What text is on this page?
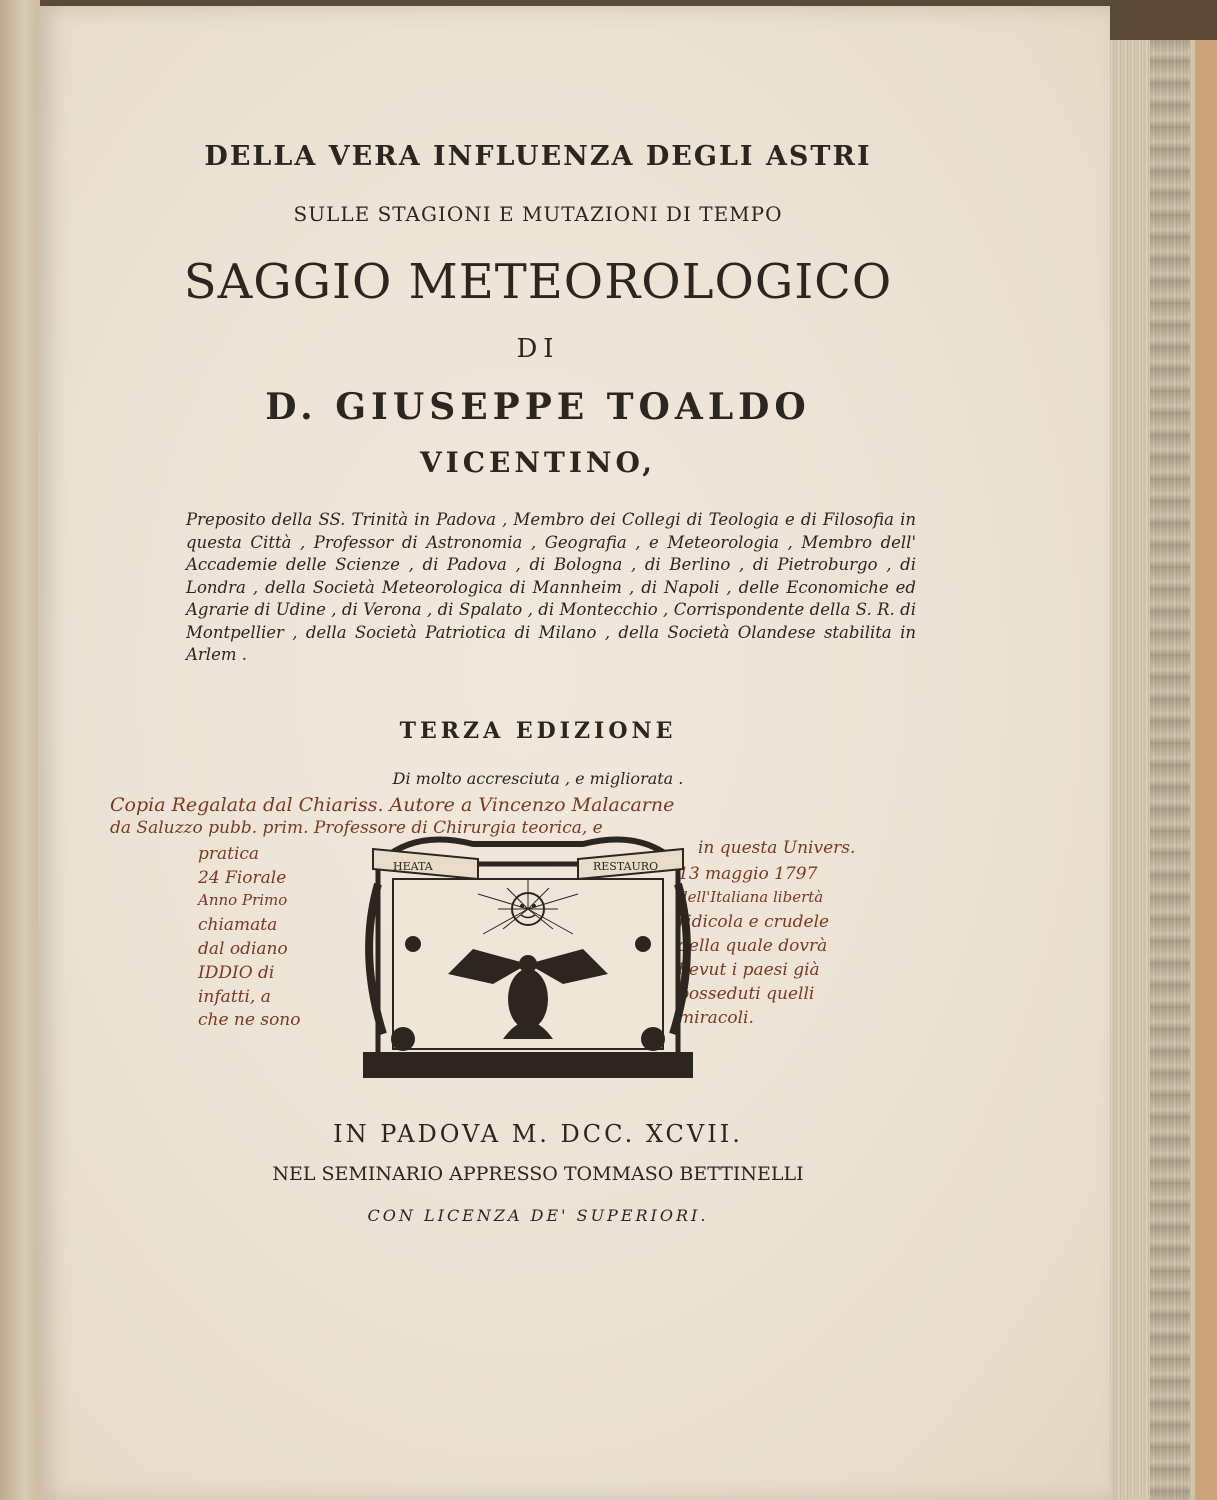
DELLA VERA INFLUENZA DEGLI ASTRI
SULLE STAGIONI E MUTAZIONI DI TEMPO
SAGGIO METEOROLOGICO
DI
D. GIUSEPPE TOALDO
VICENTINO,
Preposito della SS. Trinità in Padova , Membro dei Collegi di Teologia e di Filosofia in questa Città , Professor di Astronomia , Geografia , e Meteorologia , Membro dell' Accademie delle Scienze , di Padova , di Bologna , di Berlino , di Pietroburgo , di Londra , della Società Meteorologica di Mannheim , di Napoli , delle Economiche ed Agrarie di Udine , di Verona , di Spalato , di Montecchio , Corrispondente della S. R. di Montpellier , della Società Patriotica di Milano , della Società Olandese stabilita in Arlem .
TERZA EDIZIONE
Di molto accresciuta , e migliorata .
Copia Regalata dal Chiariss. Autore a Vincenzo Malacarne
da Saluzzo pubb. prim. Professore di Chirurgia teorica, e
in questa Univers.
pratica
24 Fiorale
Anno Primo
chiamata
dal odiano
IDDIO di
infatti, a
che ne sono
13 maggio 1797
dell'Italiana libertà
ridicola e crudele
della quale dovrà
bevut i paesi già
posseduti quelli
miracoli.
HEATA	RESTAURO
IN PADOVA M. DCC. XCVII.
NEL SEMINARIO APPRESSO TOMMASO BETTINELLI
CON LICENZA DE' SUPERIORI.
